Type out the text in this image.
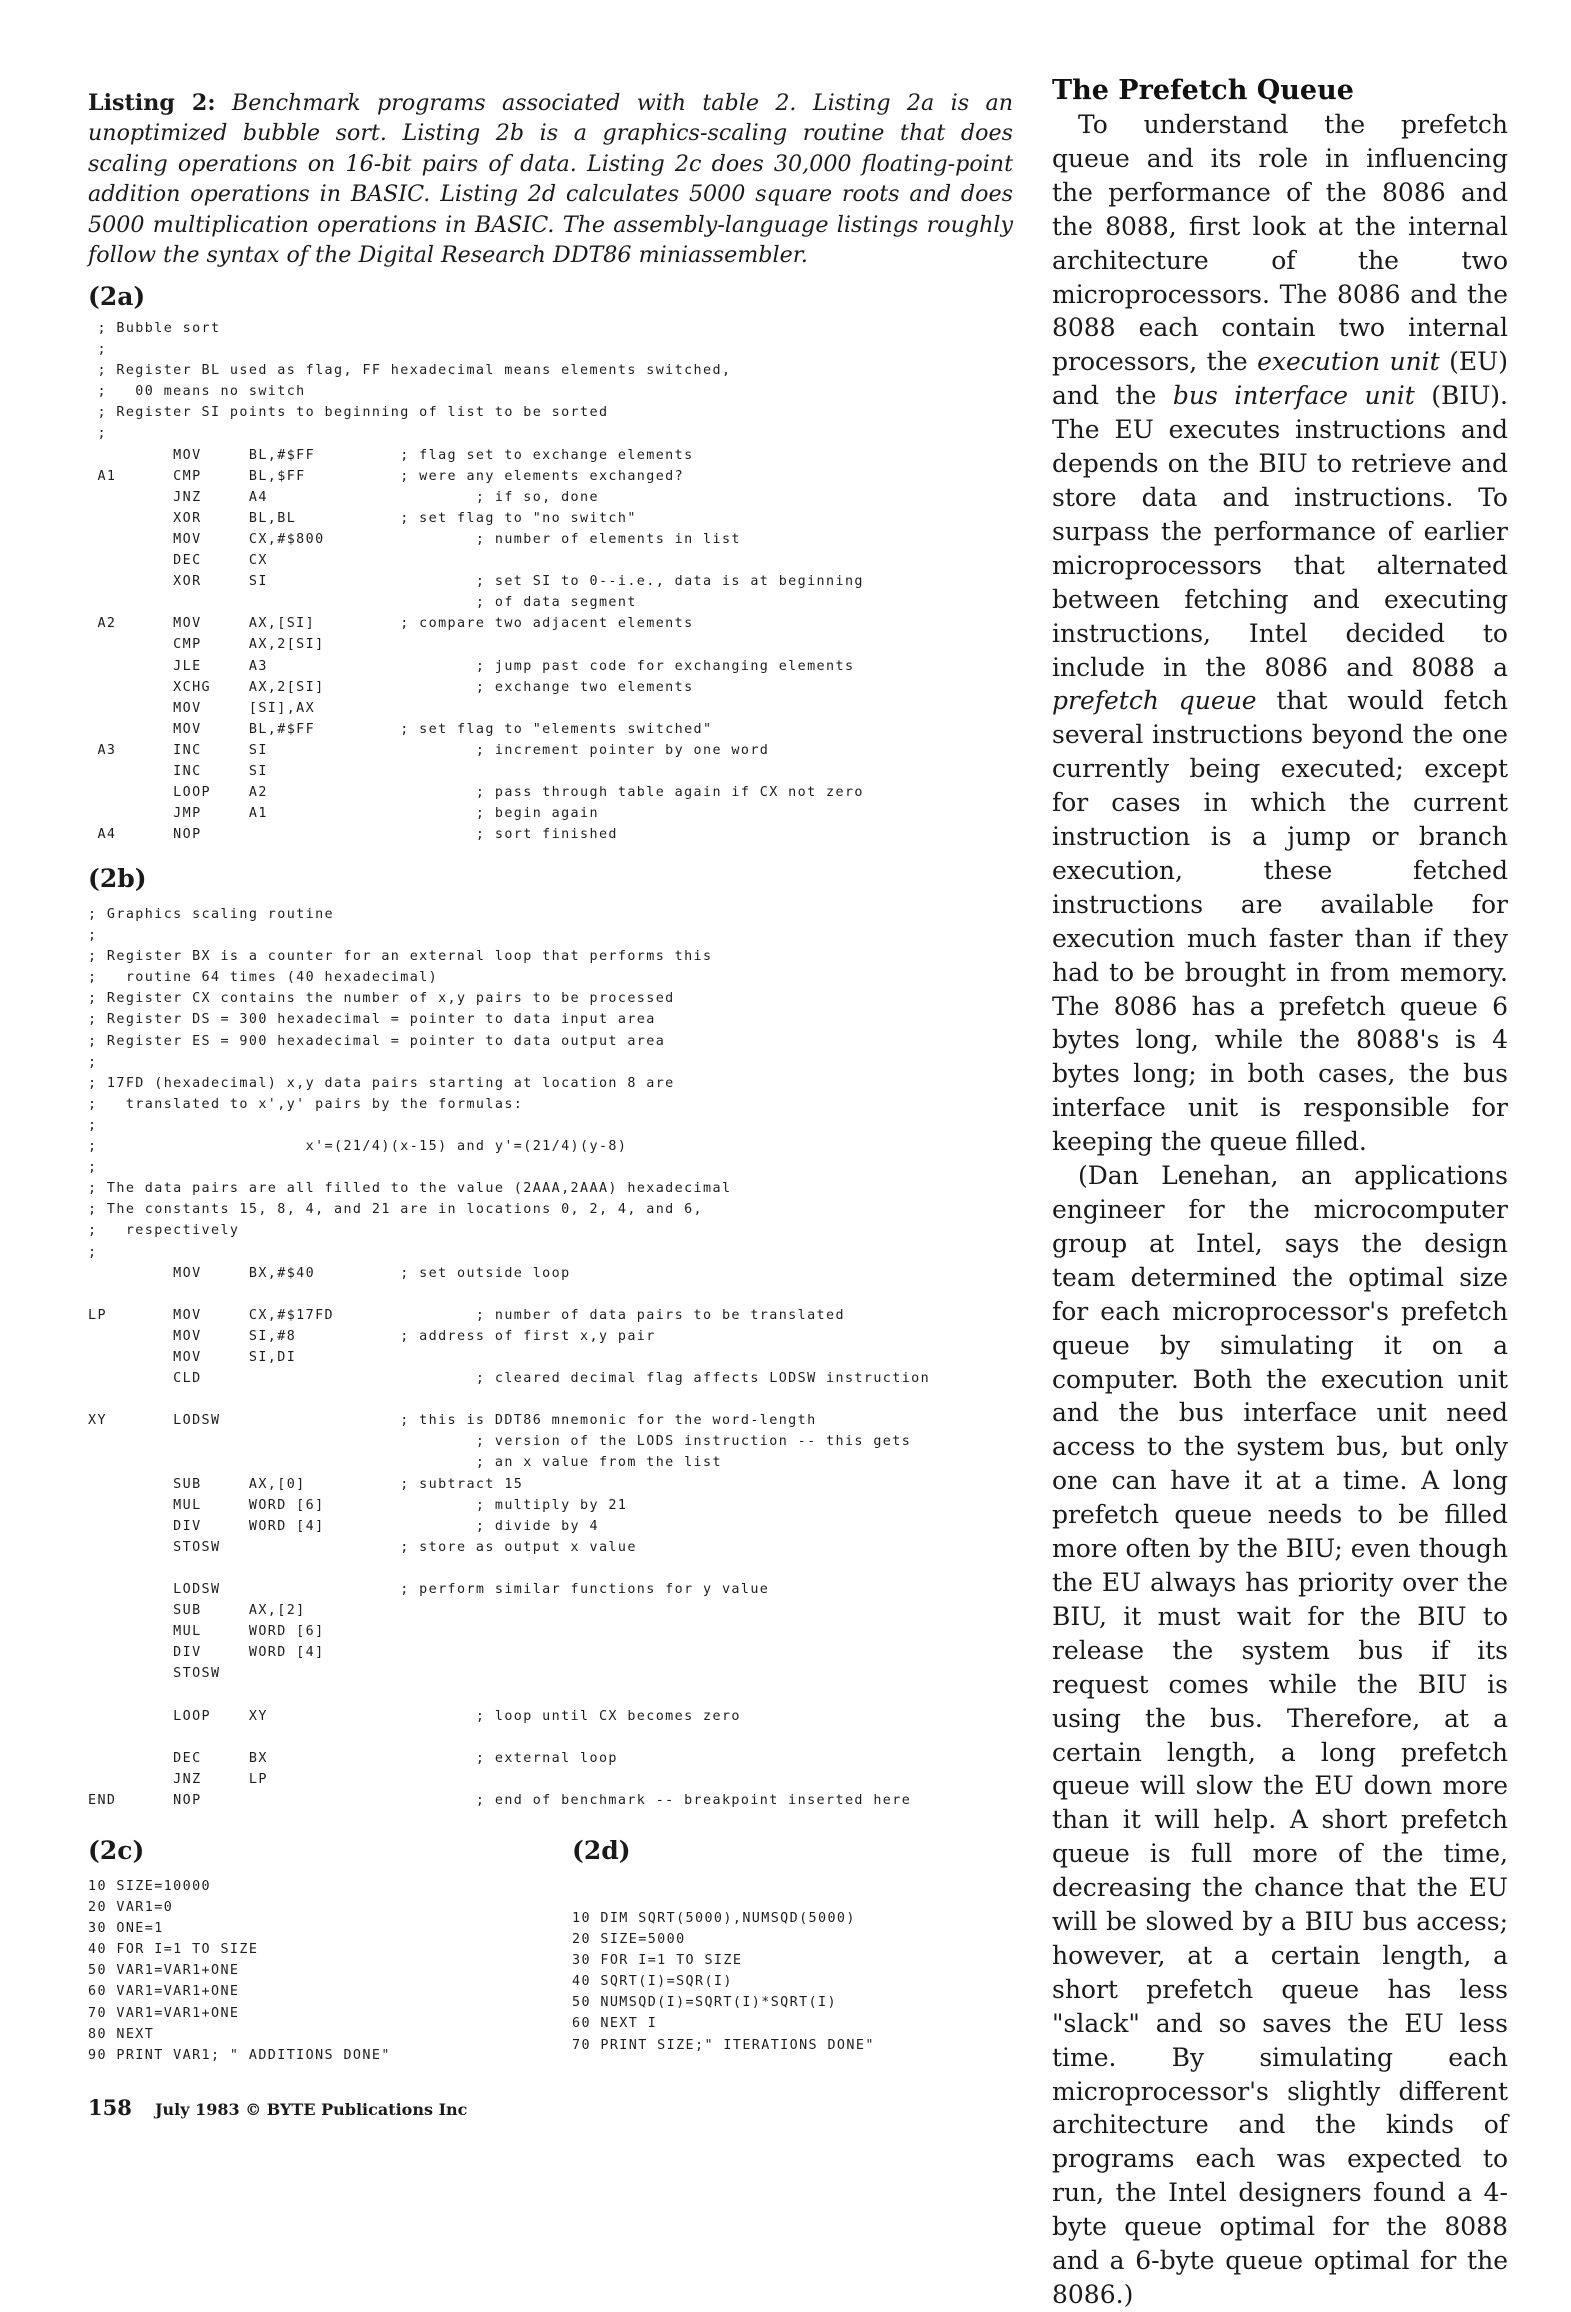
Listing 2: Benchmark programs associated with table 2. Listing 2a is an unoptimized bubble sort. Listing 2b is a graphics-scaling routine that does scaling operations on 16-bit pairs of data. Listing 2c does 30,000 floating-point addition operations in BASIC. Listing 2d calculates 5000 square roots and does 5000 multiplication operations in BASIC. The assembly-language listings roughly follow the syntax of the Digital Research DDT86 miniassembler.
(2a)
; Bubble sort
;
; Register BL used as flag, FF hexadecimal means elements switched,
;   00 means no switch
; Register SI points to beginning of list to be sorted
;
MOV     BL,#$FF         ; flag set to exchange elements
A1      CMP     BL,$FF          ; were any elements exchanged?
JNZ     A4                      ; if so, done
XOR     BL,BL           ; set flag to "no switch"
MOV     CX,#$800                ; number of elements in list
DEC     CX
XOR     SI                      ; set SI to 0--i.e., data is at beginning
; of data segment
A2      MOV     AX,[SI]         ; compare two adjacent elements
CMP     AX,2[SI]
JLE     A3                      ; jump past code for exchanging elements
XCHG    AX,2[SI]                ; exchange two elements
MOV     [SI],AX
MOV     BL,#$FF         ; set flag to "elements switched"
A3      INC     SI                      ; increment pointer by one word
INC     SI
LOOP    A2                      ; pass through table again if CX not zero
JMP     A1                      ; begin again
A4      NOP                             ; sort finished
(2b)
; Graphics scaling routine
;
; Register BX is a counter for an external loop that performs this
;   routine 64 times (40 hexadecimal)
; Register CX contains the number of x,y pairs to be processed
; Register DS = 300 hexadecimal = pointer to data input area
; Register ES = 900 hexadecimal = pointer to data output area
;
; 17FD (hexadecimal) x,y data pairs starting at location 8 are
;   translated to x',y' pairs by the formulas:
;
;                      x'=(21/4)(x-15) and y'=(21/4)(y-8)
;
; The data pairs are all filled to the value (2AAA,2AAA) hexadecimal
; The constants 15, 8, 4, and 21 are in locations 0, 2, 4, and 6,
;   respectively
;
MOV     BX,#$40         ; set outside loop
LP       MOV     CX,#$17FD               ; number of data pairs to be translated
MOV     SI,#8           ; address of first x,y pair
MOV     SI,DI
CLD                             ; cleared decimal flag affects LODSW instruction
XY       LODSW                   ; this is DDT86 mnemonic for the word-length
; version of the LODS instruction -- this gets
; an x value from the list
SUB     AX,[0]          ; subtract 15
MUL     WORD [6]                ; multiply by 21
DIV     WORD [4]                ; divide by 4
STOSW                   ; store as output x value
LODSW                   ; perform similar functions for y value
SUB     AX,[2]
MUL     WORD [6]
DIV     WORD [4]
STOSW
LOOP    XY                      ; loop until CX becomes zero
DEC     BX                      ; external loop
JNZ     LP
END      NOP                             ; end of benchmark -- breakpoint inserted here
(2c)
10 SIZE=10000
20 VAR1=0
30 ONE=1
40 FOR I=1 TO SIZE
50 VAR1=VAR1+ONE
60 VAR1=VAR1+ONE
70 VAR1=VAR1+ONE
80 NEXT
90 PRINT VAR1; " ADDITIONS DONE"
(2d)
10 DIM SQRT(5000),NUMSQD(5000)
20 SIZE=5000
30 FOR I=1 TO SIZE
40 SQRT(I)=SQR(I)
50 NUMSQD(I)=SQRT(I)*SQRT(I)
60 NEXT I
70 PRINT SIZE;" ITERATIONS DONE"
The Prefetch Queue

To understand the prefetch queue and its role in influencing the performance of the 8086 and the 8088, first look at the internal architecture of the two microprocessors. The 8086 and the 8088 each contain two internal processors, the execution unit (EU) and the bus interface unit (BIU). The EU executes instructions and depends on the BIU to retrieve and store data and instructions. To surpass the performance of earlier microprocessors that alternated between fetching and executing instructions, Intel decided to include in the 8086 and 8088 a prefetch queue that would fetch several instructions beyond the one currently being executed; except for cases in which the current instruction is a jump or branch execution, these fetched instructions are available for execution much faster than if they had to be brought in from memory. The 8086 has a prefetch queue 6 bytes long, while the 8088's is 4 bytes long; in both cases, the bus interface unit is responsible for keeping the queue filled.

(Dan Lenehan, an applications engineer for the microcomputer group at Intel, says the design team determined the optimal size for each microprocessor's prefetch queue by simulating it on a computer. Both the execution unit and the bus interface unit need access to the system bus, but only one can have it at a time. A long prefetch queue needs to be filled more often by the BIU; even though the EU always has priority over the BIU, it must wait for the BIU to release the system bus if its request comes while the BIU is using the bus. Therefore, at a certain length, a long prefetch queue will slow the EU down more than it will help. A short prefetch queue is full more of the time, decreasing the chance that the EU will be slowed by a BIU bus access; however, at a certain length, a short prefetch queue has less "slack" and so saves the EU less time. By simulating each microprocessor's slightly different architecture and the kinds of programs each was expected to run, the Intel designers found a 4-byte queue optimal for the 8088 and a 6-byte queue optimal for the 8086.)

158 July 1983 © BYTE Publications Inc
